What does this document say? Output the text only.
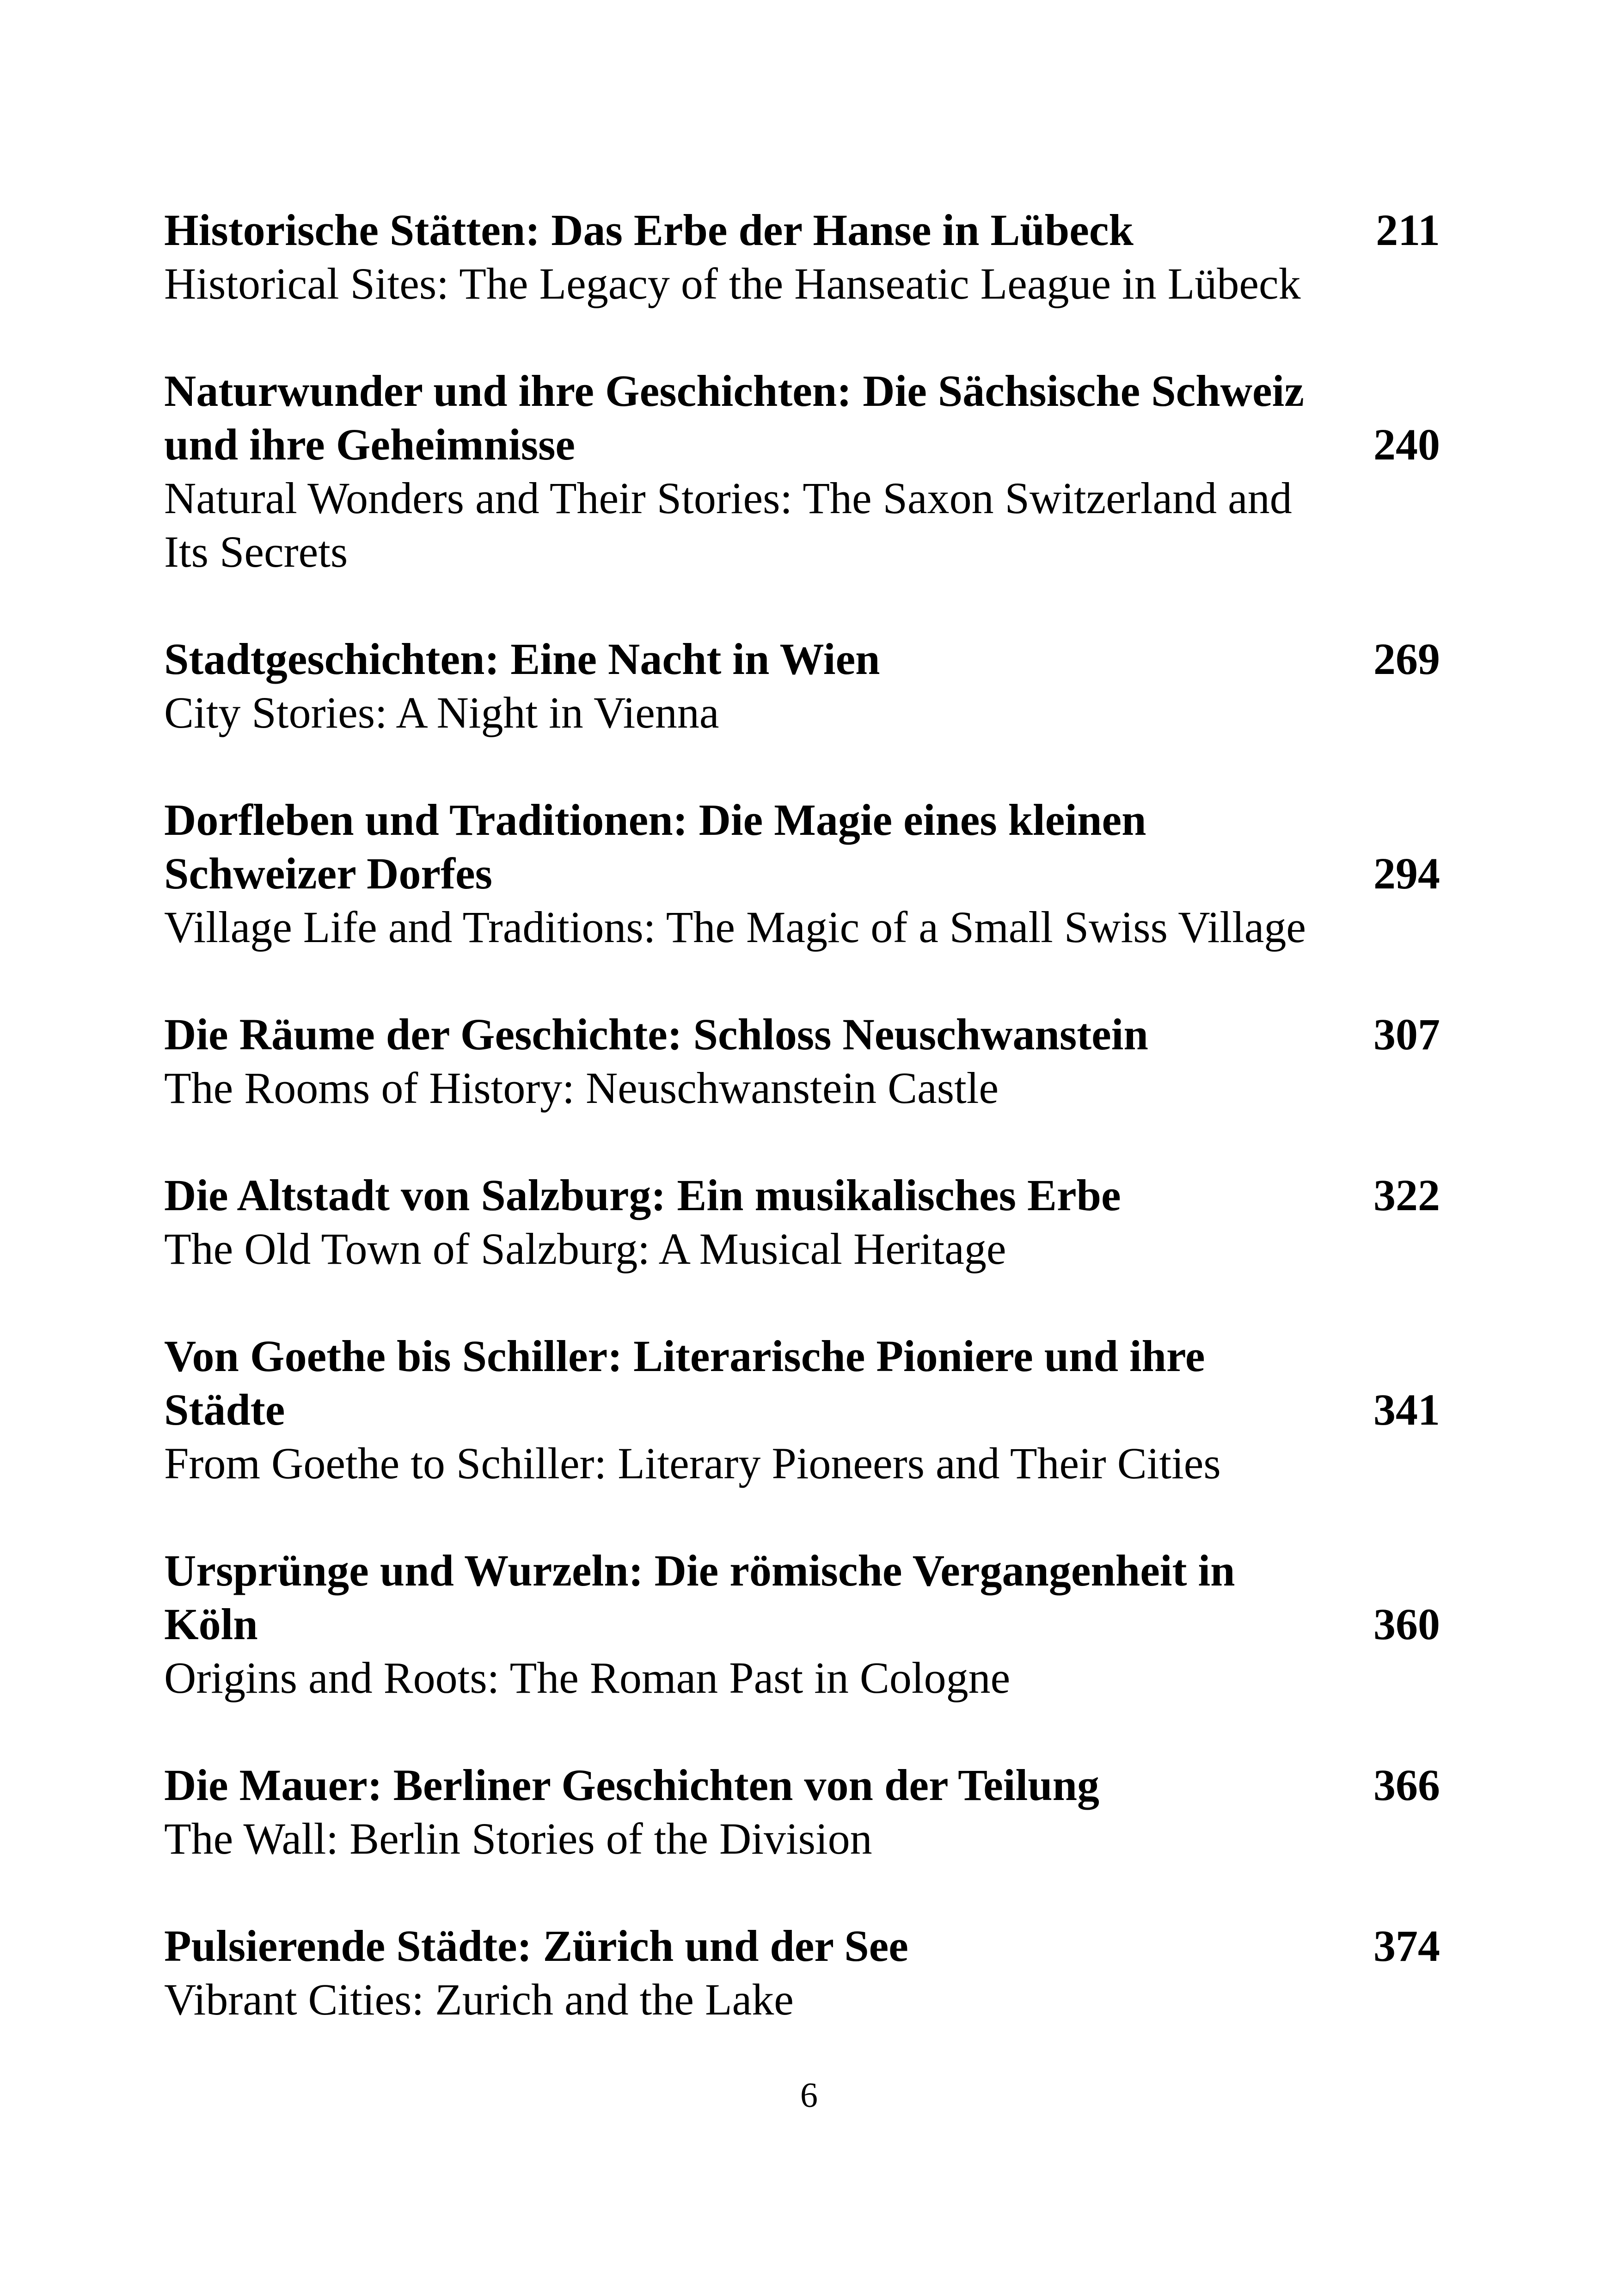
Historische Stätten: Das Erbe der Hanse in Lübeck	211
Historical Sites: The Legacy of the Hanseatic League in Lübeck
Naturwunder und ihre Geschichten: Die Sächsische Schweiz
und ihre Geheimnisse	240
Natural Wonders and Their Stories: The Saxon Switzerland and
Its Secrets
Stadtgeschichten: Eine Nacht in Wien	269
City Stories: A Night in Vienna
Dorfleben und Traditionen: Die Magie eines kleinen
Schweizer Dorfes	294
Village Life and Traditions: The Magic of a Small Swiss Village
Die Räume der Geschichte: Schloss Neuschwanstein	307
The Rooms of History: Neuschwanstein Castle
Die Altstadt von Salzburg: Ein musikalisches Erbe	322
The Old Town of Salzburg: A Musical Heritage
Von Goethe bis Schiller: Literarische Pioniere und ihre
Städte	341
From Goethe to Schiller: Literary Pioneers and Their Cities
Ursprünge und Wurzeln: Die römische Vergangenheit in
Köln	360
Origins and Roots: The Roman Past in Cologne
Die Mauer: Berliner Geschichten von der Teilung	366
The Wall: Berlin Stories of the Division
Pulsierende Städte: Zürich und der See	374
Vibrant Cities: Zurich and the Lake
6
